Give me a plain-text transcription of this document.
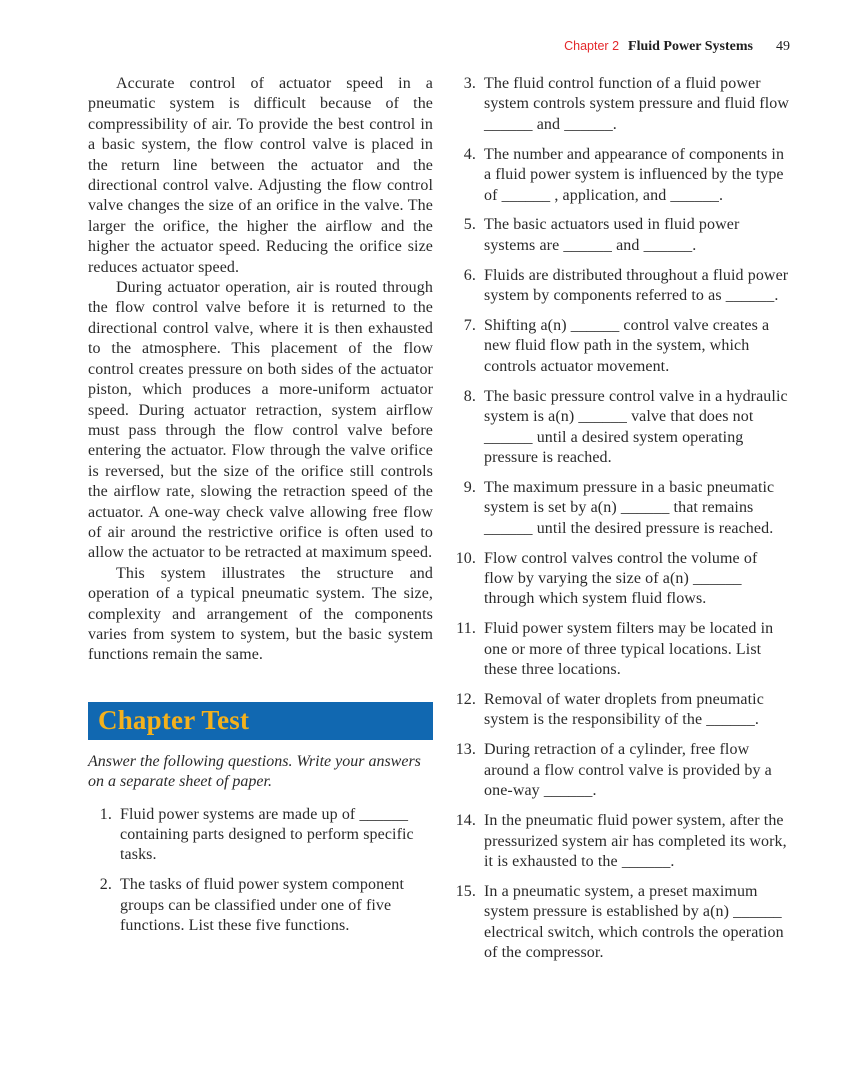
Chapter 2 Fluid Power Systems 49

Accurate control of actuator speed in a pneumatic system is difficult because of the compressibility of air. To provide the best control in a basic system, the flow control valve is placed in the return line between the actuator and the directional control valve. Adjusting the flow control valve changes the size of an orifice in the valve. The larger the orifice, the higher the airflow and the higher the actuator speed. Reducing the orifice size reduces actuator speed.

During actuator operation, air is routed through the flow control valve before it is returned to the directional control valve, where it is then exhausted to the atmosphere. This placement of the flow control creates pressure on both sides of the actuator piston, which produces a more-uniform actuator speed. During actuator retraction, system airflow must pass through the flow control valve before entering the actuator. Flow through the valve orifice is reversed, but the size of the orifice still controls the airflow rate, slowing the retraction speed of the actuator. A one-way check valve allowing free flow of air around the restrictive orifice is often used to allow the actuator to be retracted at maximum speed.

This system illustrates the structure and operation of a typical pneumatic system. The size, complexity and arrangement of the components varies from system to system, but the basic system functions remain the same.

Chapter Test

Answer the following questions. Write your answers on a separate sheet of paper.

1. Fluid power systems are made up of ______ containing parts designed to perform specific tasks.
2. The tasks of fluid power system component groups can be classified under one of five functions. List these five functions.
3. The fluid control function of a fluid power system controls system pressure and fluid flow ______ and ______.
4. The number and appearance of components in a fluid power system is influenced by the type of ______ , application, and ______.
5. The basic actuators used in fluid power systems are ______ and ______.
6. Fluids are distributed throughout a fluid power system by components referred to as ______.
7. Shifting a(n) ______ control valve creates a new fluid flow path in the system, which controls actuator movement.
8. The basic pressure control valve in a hydraulic system is a(n) ______ valve that does not ______ until a desired system operating pressure is reached.
9. The maximum pressure in a basic pneumatic system is set by a(n) ______ that remains ______ until the desired pressure is reached.
10. Flow control valves control the volume of flow by varying the size of a(n) ______ through which system fluid flows.
11. Fluid power system filters may be located in one or more of three typical locations. List these three locations.
12. Removal of water droplets from pneumatic system is the responsibility of the ______.
13. During retraction of a cylinder, free flow around a flow control valve is provided by a one-way ______.
14. In the pneumatic fluid power system, after the pressurized system air has completed its work, it is exhausted to the ______.
15. In a pneumatic system, a preset maximum system pressure is established by a(n) ______ electrical switch, which controls the operation of the compressor.
